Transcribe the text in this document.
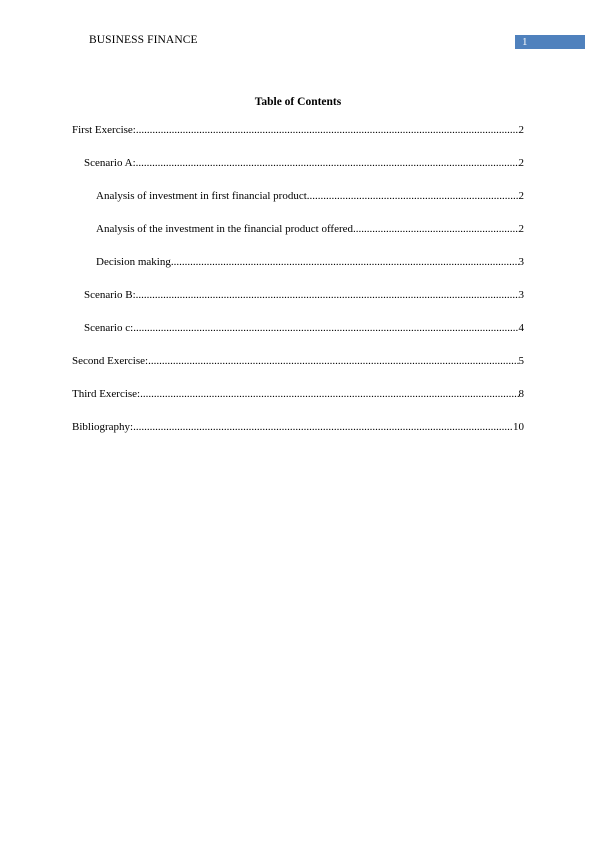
BUSINESS FINANCE	1
Table of Contents
First Exercise: .....	2
Scenario A: .....	2
Analysis of investment in first financial product .....	2
Analysis of the investment in the financial product offered .....	2
Decision making .....	3
Scenario B: .....	3
Scenario c: .....	4
Second Exercise: .....	5
Third Exercise: .....	8
Bibliography: .....	10
